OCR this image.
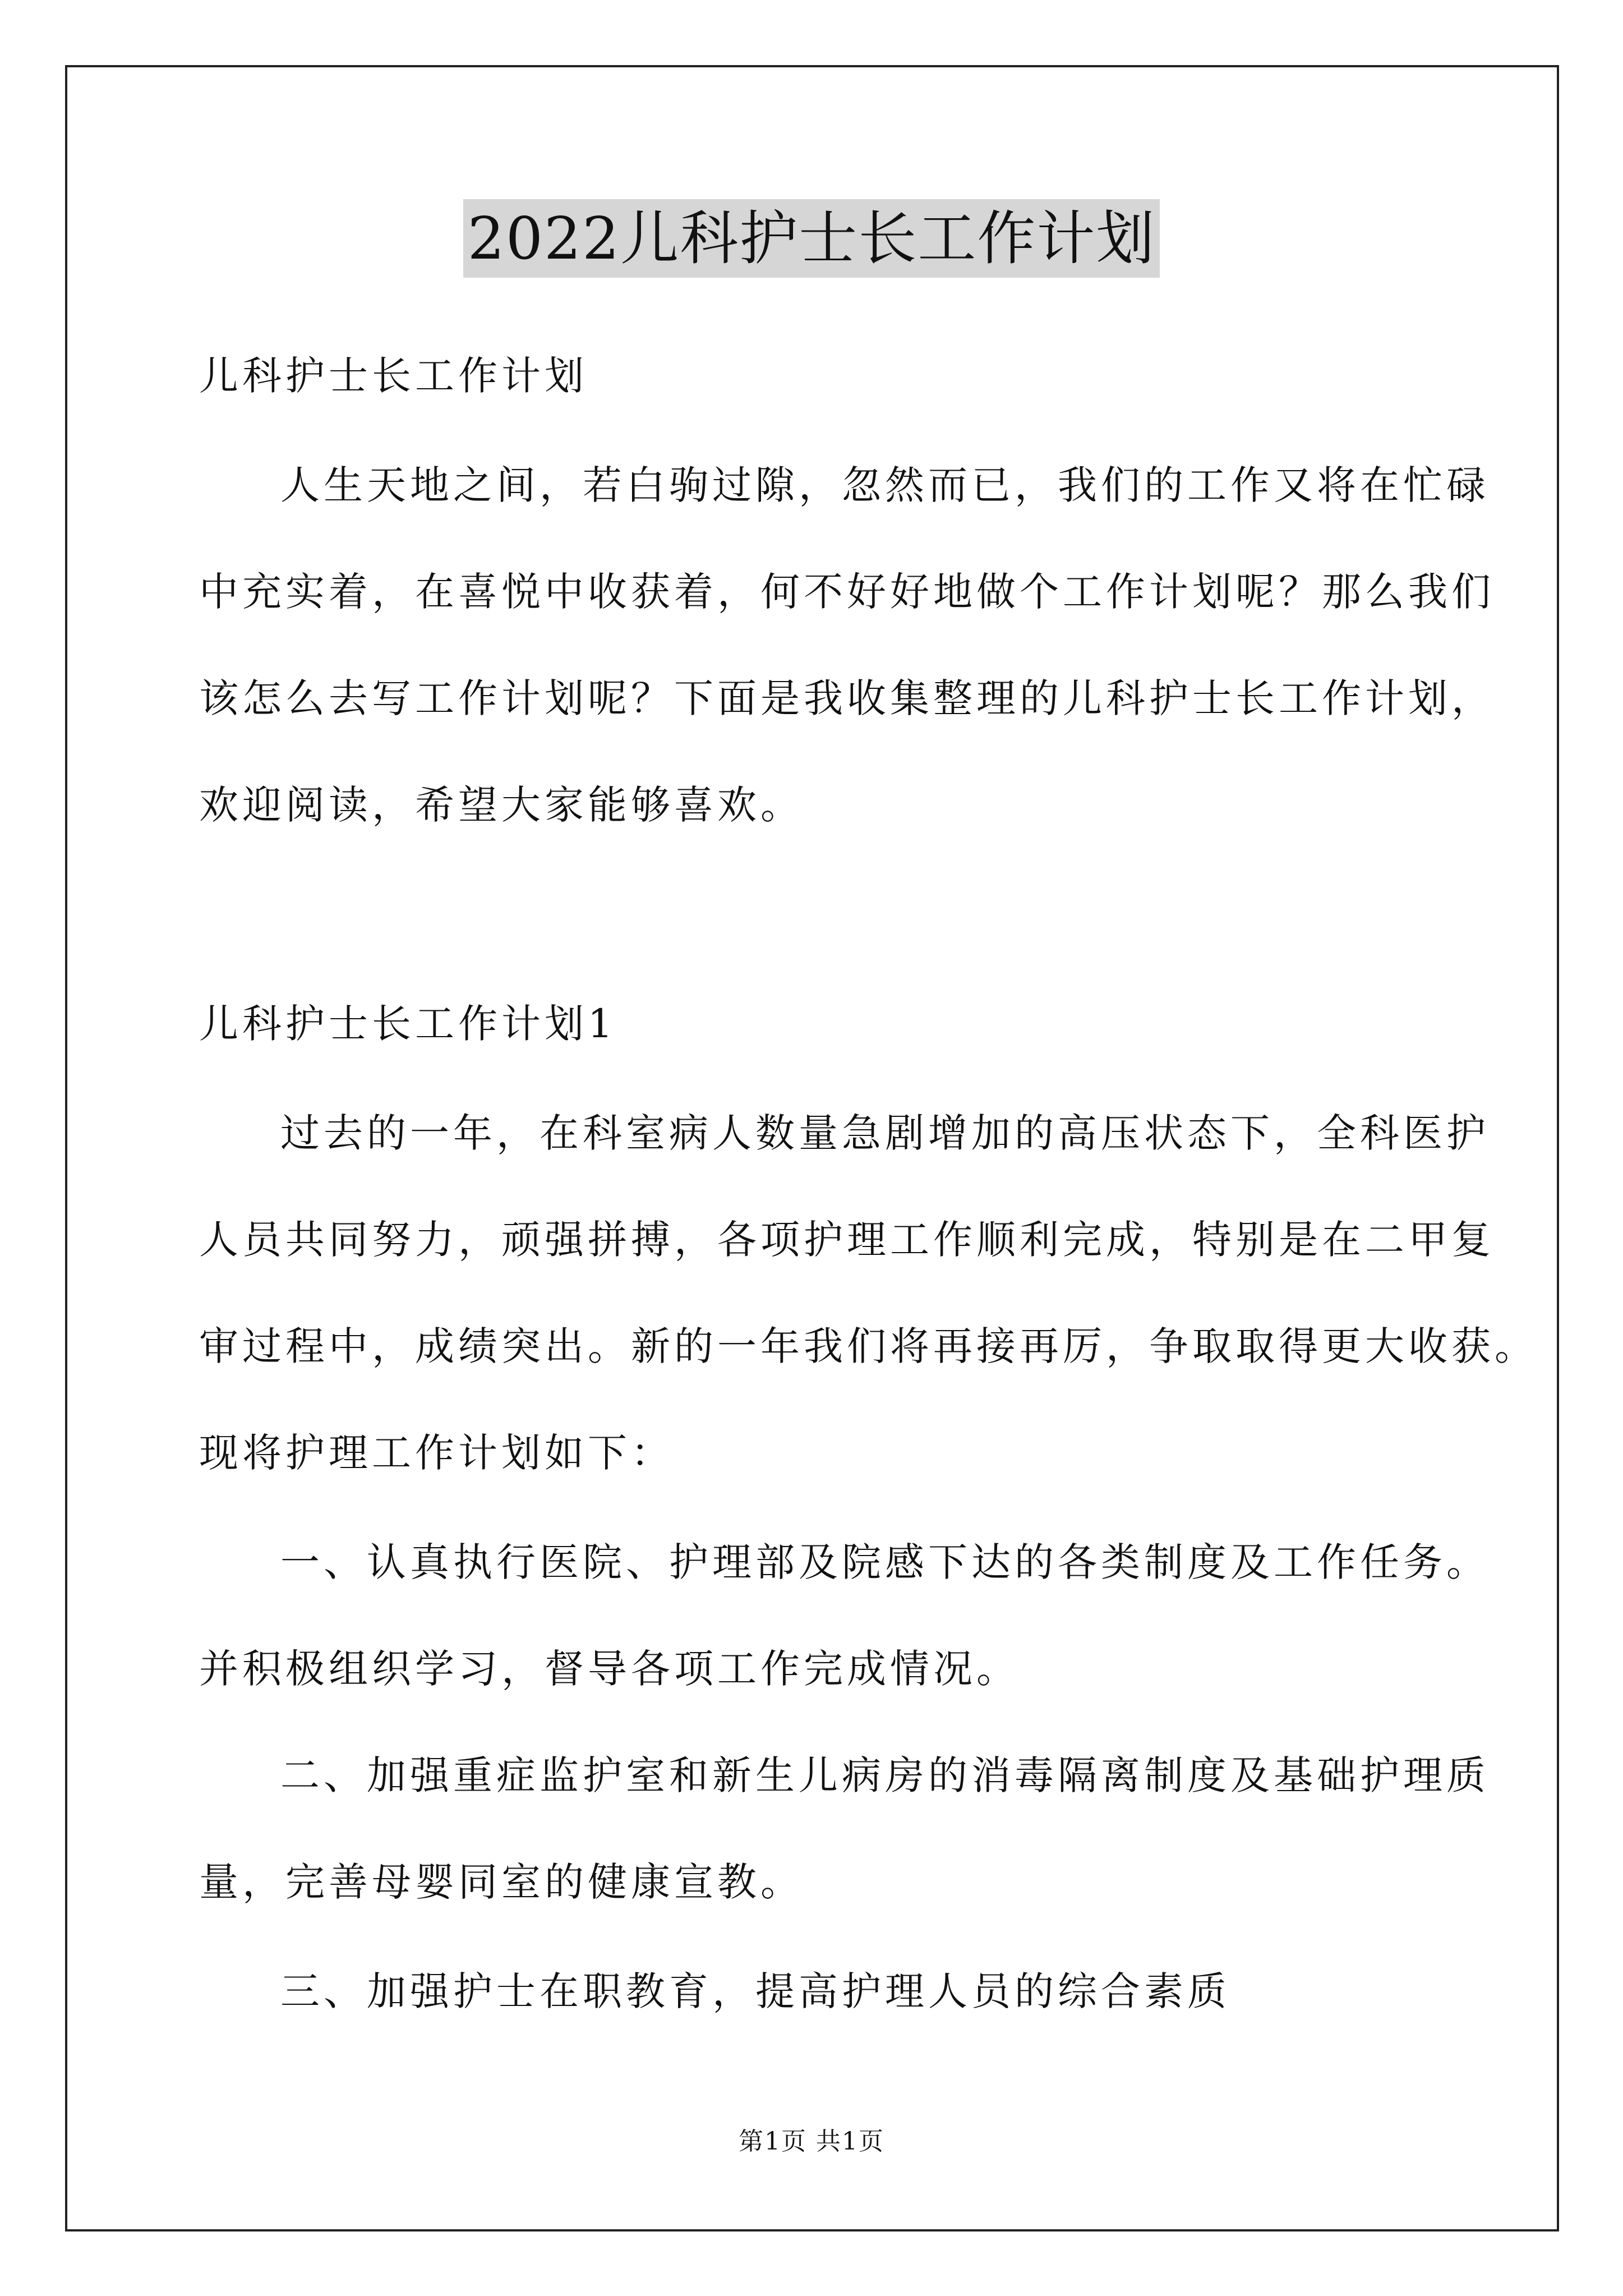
2022儿科护士长工作计划
儿科护士长工作计划
人生天地之间，若白驹过隙，忽然而已，我们的工作又将在忙碌
中充实着，在喜悦中收获着，何不好好地做个工作计划呢？那么我们
该怎么去写工作计划呢？下面是我收集整理的儿科护士长工作计划，
欢迎阅读，希望大家能够喜欢。
儿科护士长工作计划1
过去的一年，在科室病人数量急剧增加的高压状态下，全科医护
人员共同努力，顽强拼搏，各项护理工作顺利完成，特别是在二甲复
审过程中，成绩突出。新的一年我们将再接再厉，争取取得更大收获。
现将护理工作计划如下：
一、认真执行医院、护理部及院感下达的各类制度及工作任务。
并积极组织学习，督导各项工作完成情况。
二、加强重症监护室和新生儿病房的消毒隔离制度及基础护理质
量，完善母婴同室的健康宣教。
三、加强护士在职教育，提高护理人员的综合素质
第1页 共1页
